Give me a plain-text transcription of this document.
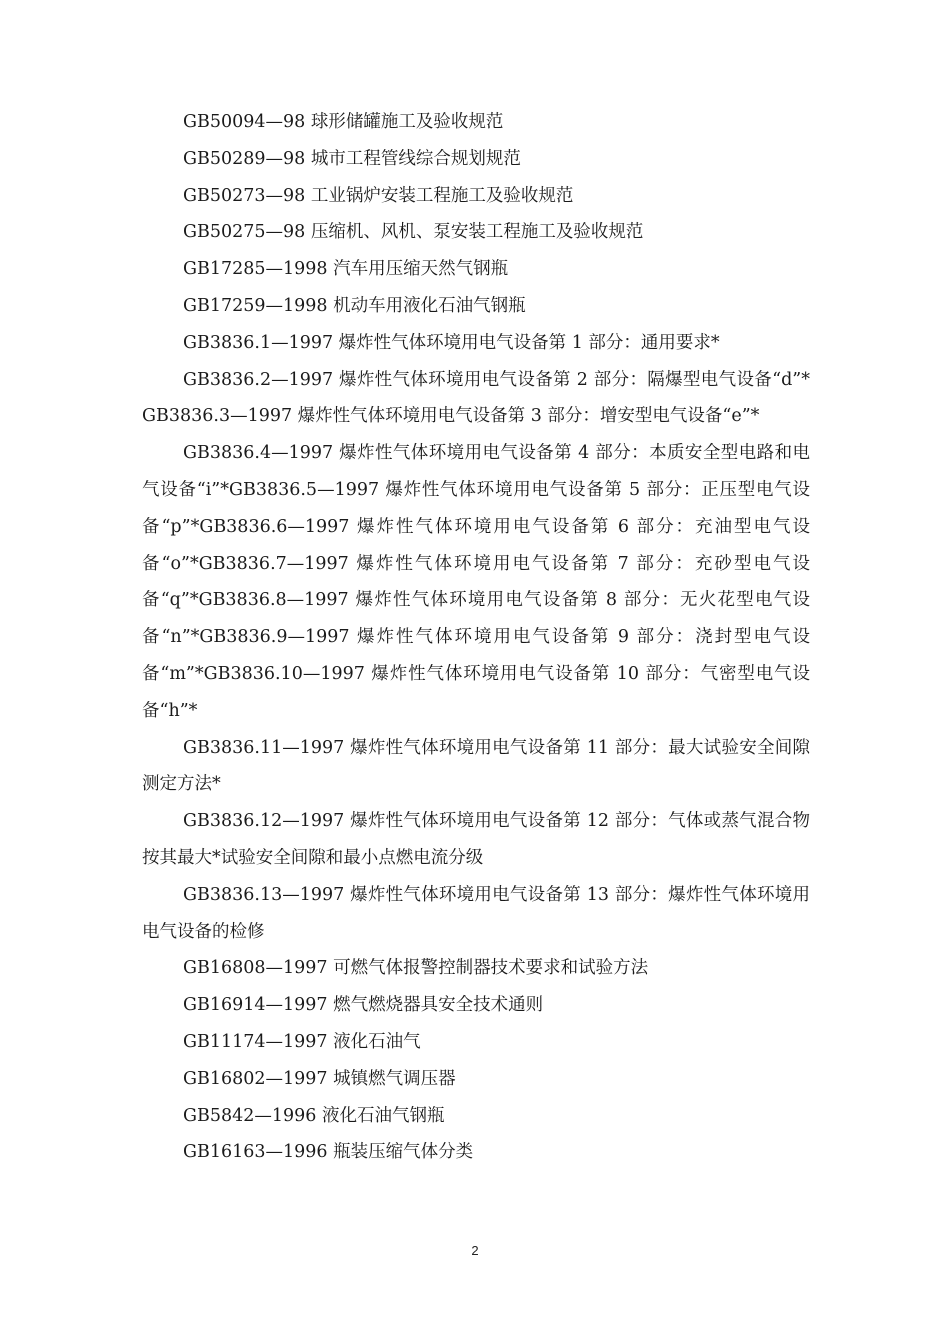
GB50094—98 球形储罐施工及验收规范

GB50289—98 城市工程管线综合规划规范

GB50273—98 工业锅炉安装工程施工及验收规范

GB50275—98 压缩机、风机、泵安装工程施工及验收规范

GB17285—1998 汽车用压缩天然气钢瓶

GB17259—1998 机动车用液化石油气钢瓶

GB3836.1—1997 爆炸性气体环境用电气设备第 1 部分：通用要求*

GB3836.2—1997 爆炸性气体环境用电气设备第 2 部分：隔爆型电气设备“d”*GB3836.3—1997 爆炸性气体环境用电气设备第 3 部分：增安型电气设备“e”*

GB3836.4—1997 爆炸性气体环境用电气设备第 4 部分：本质安全型电路和电气设备“i”*GB3836.5—1997 爆炸性气体环境用电气设备第 5 部分：正压型电气设备“p”*GB3836.6—1997 爆炸性气体环境用电气设备第 6 部分：充油型电气设备“o”*GB3836.7—1997 爆炸性气体环境用电气设备第 7 部分：充砂型电气设备“q”*GB3836.8—1997 爆炸性气体环境用电气设备第 8 部分：无火花型电气设备“n”*GB3836.9—1997 爆炸性气体环境用电气设备第 9 部分：浇封型电气设备“m”*GB3836.10—1997 爆炸性气体环境用电气设备第 10 部分：气密型电气设备“h”*

GB3836.11—1997 爆炸性气体环境用电气设备第 11 部分：最大试验安全间隙测定方法*

GB3836.12—1997 爆炸性气体环境用电气设备第 12 部分：气体或蒸气混合物按其最大*试验安全间隙和最小点燃电流分级

GB3836.13—1997 爆炸性气体环境用电气设备第 13 部分：爆炸性气体环境用电气设备的检修

GB16808—1997 可燃气体报警控制器技术要求和试验方法

GB16914—1997 燃气燃烧器具安全技术通则

GB11174—1997 液化石油气

GB16802—1997 城镇燃气调压器

GB5842—1996 液化石油气钢瓶

GB16163—1996 瓶装压缩气体分类

2
